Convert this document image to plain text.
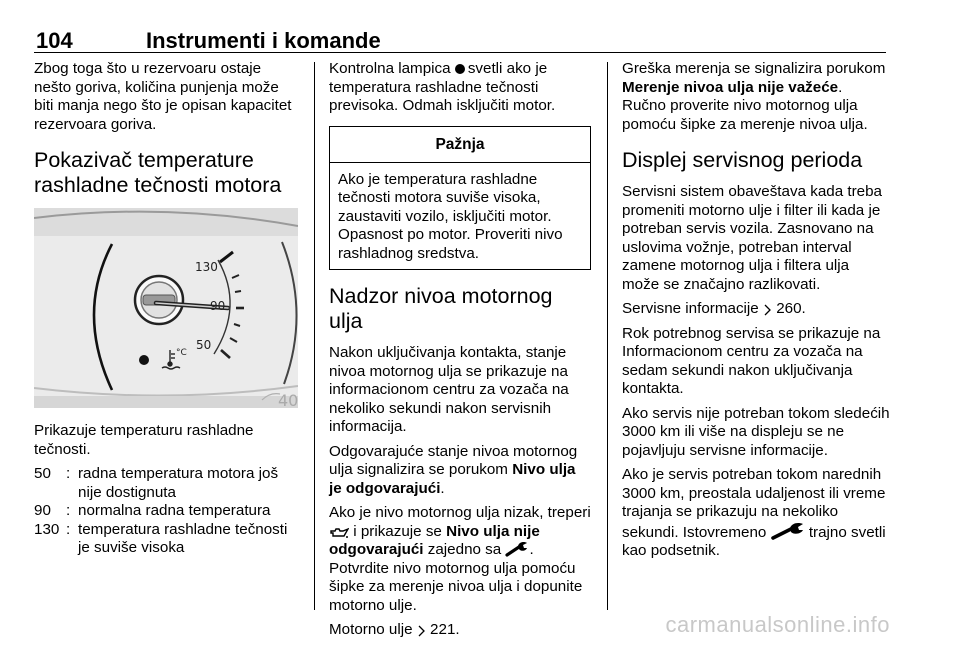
104	Instrumenti i komande

Zbog toga što u rezervoaru ostaje nešto goriva, količina punjenja može biti manja nego što je opisan kapacitet rezervoara goriva.

Pokazivač temperature rashladne tečnosti motora
130
90
50
°C
40

Prikazuje temperaturu rashladne tečnosti.

50 : radna temperatura motora još nije dostignuta
90 : normalna radna temperatura
130 : temperatura rashladne tečnosti je suviše visoka

Kontrolna lampica svetli ako je temperatura rashladne tečnosti previsoka. Odmah isključiti motor.

Pažnja
Ako je temperatura rashladne tečnosti motora suviše visoka, zaustaviti vozilo, isključiti motor. Opasnost po motor. Proveriti nivo rashladnog sredstva.
Nadzor nivoa motornog ulja

Nakon uključivanja kontakta, stanje nivoa motornog ulja se prikazuje na informacionom centru za vozača na nekoliko sekundi nakon servisnih informacija.

Odgovarajuće stanje nivoa motornog ulja signalizira se porukom Nivo ulja je odgovarajući.

Ako je nivo motornog ulja nizak, treperi  i prikazuje se Nivo ulja nije odgovarajući zajedno sa .
Potvrdite nivo motornog ulja pomoću šipke za merenje nivoa ulja i dopunite motorno ulje.

Motorno ulje 221.

Greška merenja se signalizira porukom Merenje nivoa ulja nije važeće. Ručno proverite nivo motornog ulja pomoću šipke za merenje nivoa ulja.

Displej servisnog perioda

Servisni sistem obaveštava kada treba promeniti motorno ulje i filter ili kada je potreban servis vozila. Zasnovano na uslovima vožnje, potreban interval zamene motornog ulja i filtera ulja može se značajno razlikovati.

Servisne informacije 260.

Rok potrebnog servisa se prikazuje na Informacionom centru za vozača na sedam sekundi nakon uključivanja kontakta.

Ako servis nije potreban tokom sledećih 3000 km ili više na displeju se ne pojavljuju servisne informacije.

Ako je servis potreban tokom narednih 3000 km, preostala udaljenost ili vreme trajanja se prikazuju na nekoliko sekundi. Istovremeno	trajno svetli kao podsetnik.

carmanualsonline.info
